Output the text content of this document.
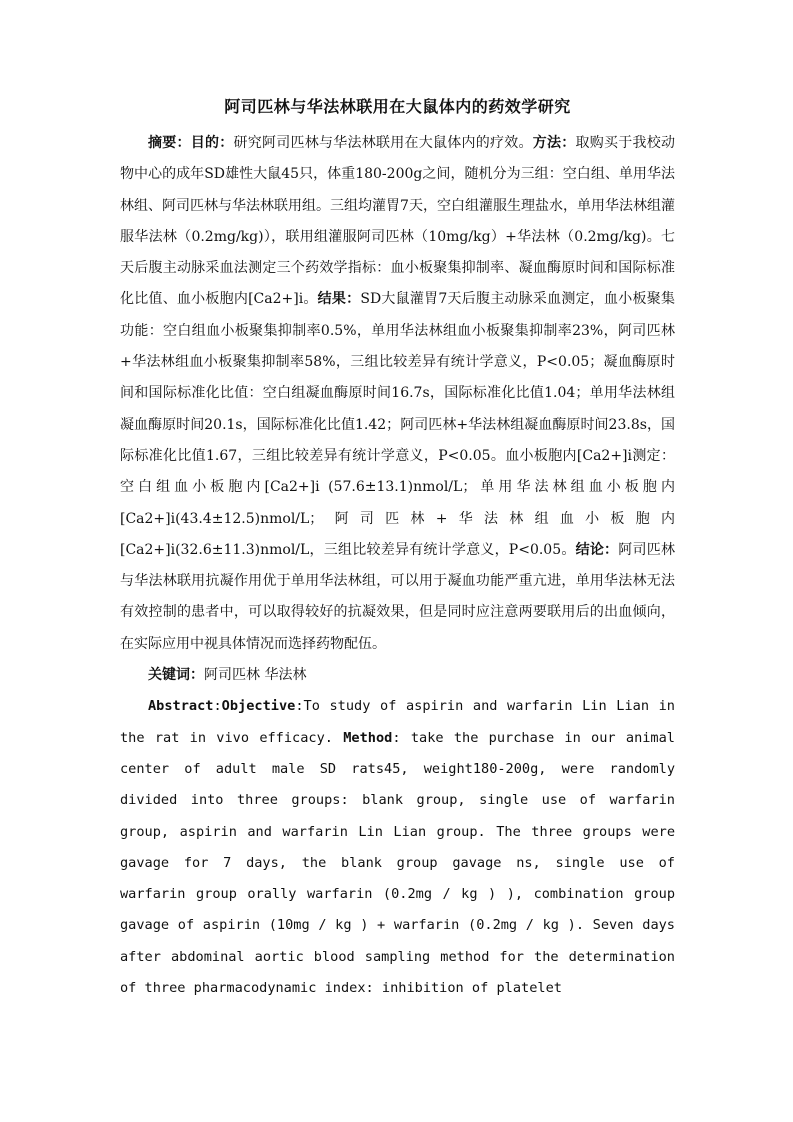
阿司匹林与华法林联用在大鼠体内的药效学研究

摘要：目的：研究阿司匹林与华法林联用在大鼠体内的疗效。方法：取购买于我校动物中心的成年SD雄性大鼠45只，体重180-200g之间，随机分为三组：空白组、单用华法林组、阿司匹林与华法林联用组。三组均灌胃7天，空白组灌服生理盐水，单用华法林组灌服华法林（0.2mg/kg)），联用组灌服阿司匹林（10mg/kg）+华法林（0.2mg/kg)。七天后腹主动脉采血法测定三个药效学指标：血小板聚集抑制率、凝血酶原时间和国际标准化比值、血小板胞内[Ca2+]i。结果：SD大鼠灌胃7天后腹主动脉采血测定，血小板聚集功能：空白组血小板聚集抑制率0.5%，单用华法林组血小板聚集抑制率23%，阿司匹林+华法林组血小板聚集抑制率58%，三组比较差异有统计学意义，P<0.05；凝血酶原时间和国际标准化比值：空白组凝血酶原时间16.7s，国际标准化比值1.04；单用华法林组凝血酶原时间20.1s，国际标准化比值1.42；阿司匹林+华法林组凝血酶原时间23.8s，国际标准化比值1.67，三组比较差异有统计学意义，P<0.05。血小板胞内[Ca2+]i测定：空白组血小板胞内[Ca2+]i (57.6±13.1)nmol/L；单用华法林组血小板胞内[Ca2+]i(43.4±12.5)nmol/L；阿司匹林+华法林组血小板胞内[Ca2+]i(32.6±11.3)nmol/L，三组比较差异有统计学意义，P<0.05。结论：阿司匹林与华法林联用抗凝作用优于单用华法林组，可以用于凝血功能严重亢进，单用华法林无法有效控制的患者中，可以取得较好的抗凝效果，但是同时应注意两要联用后的出血倾向，在实际应用中视具体情况而选择药物配伍。

关键词：阿司匹林 华法林

Abstract:Objective:To study of aspirin and warfarin Lin Lian in the rat in vivo efficacy. Method: take the purchase in our animal center of adult male SD rats45, weight180-200g, were randomly divided into three groups: blank group, single use of warfarin group, aspirin and warfarin Lin Lian group. The three groups were gavage for 7 days, the blank group gavage ns, single use of warfarin group orally warfarin (0.2mg / kg ) ), combination group gavage of aspirin (10mg / kg ) + warfarin (0.2mg / kg ). Seven days after abdominal aortic blood sampling method for the determination of three pharmacodynamic index: inhibition of platelet
